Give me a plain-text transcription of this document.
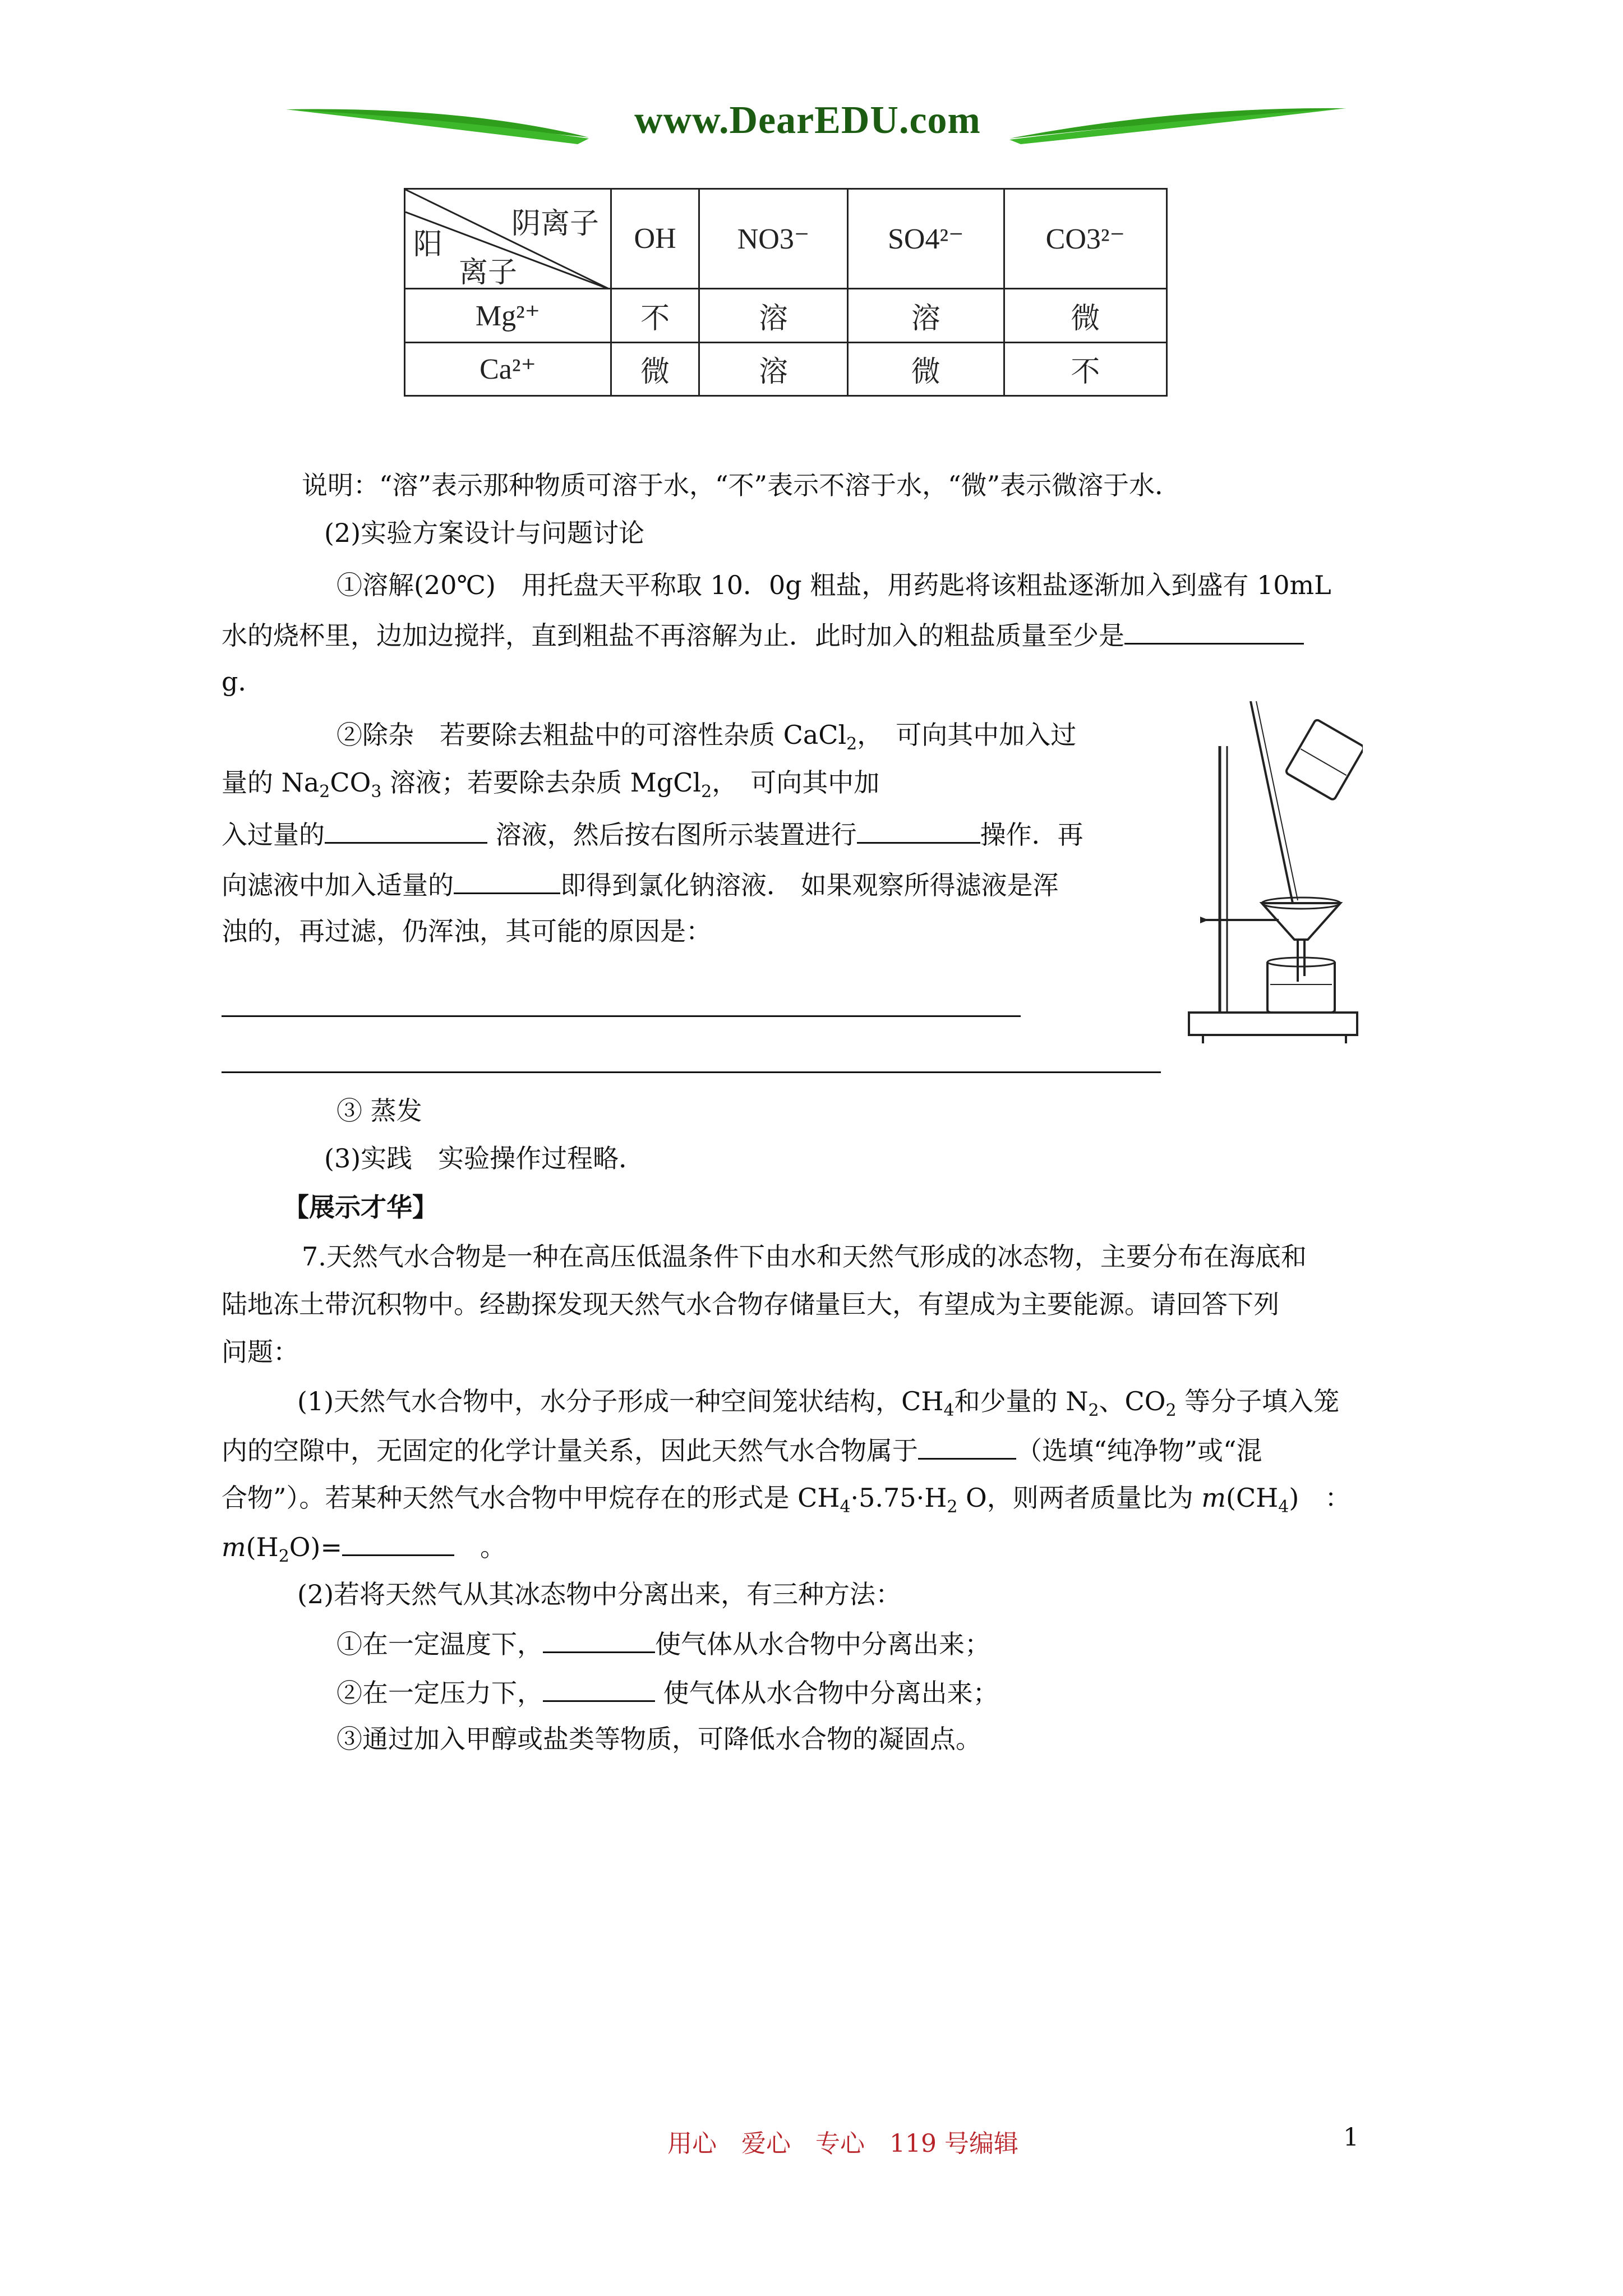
www.DearEDU.com
阴离子
阳
离子	OH	NO3⁻	SO4²⁻	CO3²⁻
Mg²⁺	不	溶	溶	微
Ca²⁺	微	溶	微	不
说明：“溶”表示那种物质可溶于水，“不”表示不溶于水，“微”表示微溶于水．
(2)实验方案设计与问题讨论
①溶解(20℃)　用托盘天平称取 10．0g 粗盐，用药匙将该粗盐逐渐加入到盛有 10mL
水的烧杯里，边加边搅拌，直到粗盐不再溶解为止．此时加入的粗盐质量至少是
g．
②除杂　若要除去粗盐中的可溶性杂质 CaCl$_2$，　可向其中加入过
量的 $Na_2CO_3$ 溶液；若要除去杂质 MgCl$_2$，　可向其中加
入过量的	溶液，然后按右图所示装置进行	操作．再
向滤液中加入适量的	即得到氯化钠溶液． 如果观察所得滤液是浑
浊的，再过滤，仍浑浊，其可能的原因是：
③ 蒸发
(3)实践　实验操作过程略．
【展示才华】
7.天然气水合物是一种在高压低温条件下由水和天然气形成的冰态物，主要分布在海底和
陆地冻土带沉积物中。经勘探发现天然气水合物存储量巨大，有望成为主要能源。请回答下列
问题：
(1)天然气水合物中，水分子形成一种空间笼状结构，$CH_4$和少量的 $N_2$、$CO_2$ 等分子填入笼
内的空隙中，无固定的化学计量关系，因此天然气水合物属于	（选填“纯净物”或“混
合物”）。若某种天然气水合物中甲烷存在的形式是 $CH_4\cdot 5.75\cdot H_2$ O，则两者质量比为 $m(CH_4)$　：
$m(H_2O)=$	　。
(2)若将天然气从其冰态物中分离出来，有三种方法：
①在一定温度下，	使气体从水合物中分离出来；
②在一定压力下，	使气体从水合物中分离出来；
③通过加入甲醇或盐类等物质，可降低水合物的凝固点。
用心　爱心　专心　119 号编辑	1
